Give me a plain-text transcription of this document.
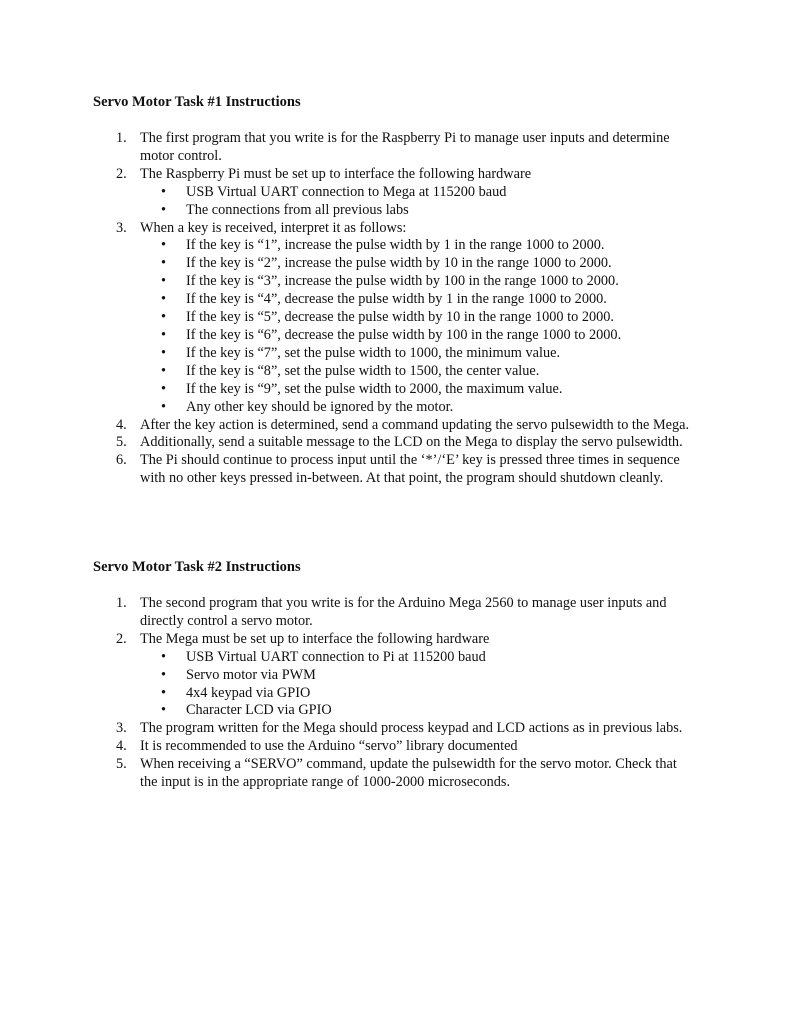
Servo Motor Task #1 Instructions
1. The first program that you write is for the Raspberry Pi to manage user inputs and determine motor control.
2. The Raspberry Pi must be set up to interface the following hardware
• USB Virtual UART connection to Mega at 115200 baud
• The connections from all previous labs
3. When a key is received, interpret it as follows:
• If the key is “1”, increase the pulse width by 1 in the range 1000 to 2000.
• If the key is “2”, increase the pulse width by 10 in the range 1000 to 2000.
• If the key is “3”, increase the pulse width by 100 in the range 1000 to 2000.
• If the key is “4”, decrease the pulse width by 1 in the range 1000 to 2000.
• If the key is “5”, decrease the pulse width by 10 in the range 1000 to 2000.
• If the key is “6”, decrease the pulse width by 100 in the range 1000 to 2000.
• If the key is “7”, set the pulse width to 1000, the minimum value.
• If the key is “8”, set the pulse width to 1500, the center value.
• If the key is “9”, set the pulse width to 2000, the maximum value.
• Any other key should be ignored by the motor.
4. After the key action is determined, send a command updating the servo pulsewidth to the Mega.
5. Additionally, send a suitable message to the LCD on the Mega to display the servo pulsewidth.
6. The Pi should continue to process input until the ‘*’/‘E’ key is pressed three times in sequence with no other keys pressed in-between. At that point, the program should shutdown cleanly.
Servo Motor Task #2 Instructions
1. The second program that you write is for the Arduino Mega 2560 to manage user inputs and directly control a servo motor.
2. The Mega must be set up to interface the following hardware
• USB Virtual UART connection to Pi at 115200 baud
• Servo motor via PWM
• 4x4 keypad via GPIO
• Character LCD via GPIO
3. The program written for the Mega should process keypad and LCD actions as in previous labs.
4. It is recommended to use the Arduino “servo” library documented
5. When receiving a “SERVO” command, update the pulsewidth for the servo motor. Check that the input is in the appropriate range of 1000-2000 microseconds.
